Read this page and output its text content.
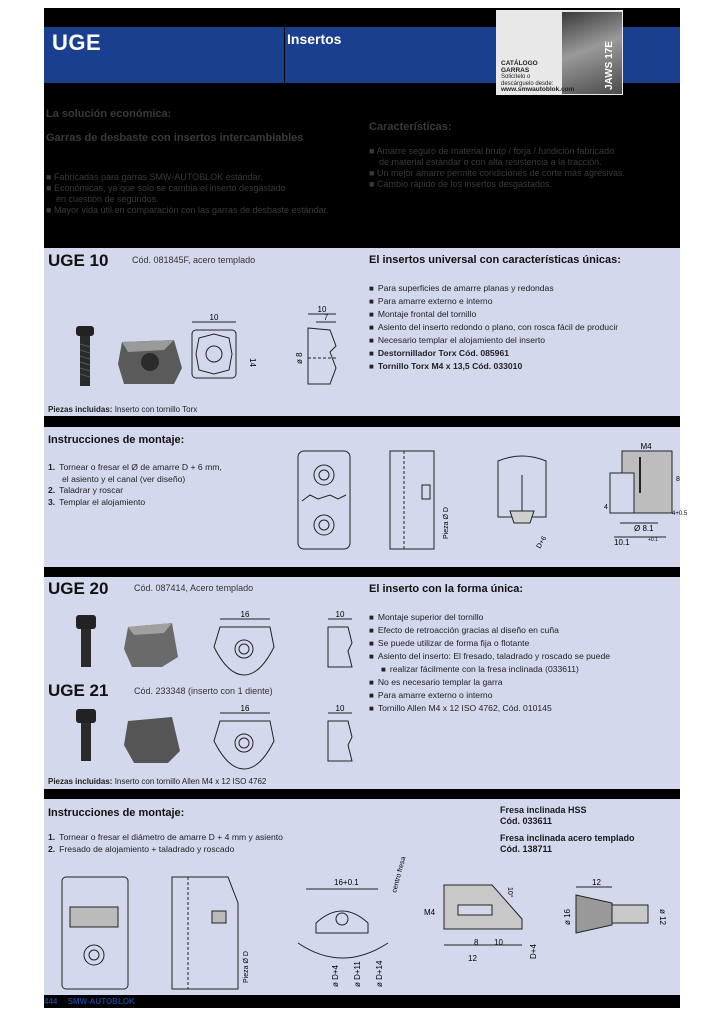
UGE	Insertos
JAWS 17E
CATÁLOGO
GARRAS
Solicítelo o
descárguelo desde:
www.smwautoblok.com
La solución económica:
Garras de desbaste con insertos intercambiables
■ Fabricadas para garras SMW-AUTOBLOK estándar.
■ Económicas, ya que solo se cambia el inserto desgastado
en cuestión de segundos.
■ Mayor vida útil en comparación con las garras de desbaste estándar.
Características:
■ Amarre seguro de material bruto / forja / fundición fabricado
de material estándar o con alta resistencia a la tracción.
■ Un mejor amarre permite condiciones de corte más agresivas.
■ Cambio rápido de los insertos desgastados.
UGE 10	Cód. 081845F, acero templado	El insertos universal con características únicas:
■ Para superficies de amarre planas y redondas
■ Para amarre externo e interno
■ Montaje frontal del tornillo
■ Asiento del inserto redondo o plano, con rosca fácil de producir
■ Necesario templar el alojamiento del inserto
■ Destornillador Torx Cód. 085961
■ Tornillo Torx M4 x 13,5 Cód. 033010
10
14
10
7
ø 8
Piezas incluidas: Inserto con tornillo Torx
Instrucciones de montaje:
1. Tornear o fresar el Ø de amarre D + 6 mm,
el asiento y el canal (ver diseño)
2. Taladrar y roscar
3. Templar el alojamiento
Pieza Ø D
D+6
M4
Ø 8.1
10.1	+0.1
8
4
4+0.5
UGE 20	Cód. 087414, Acero templado	El inserto con la forma única:
■ Montaje superior del tornillo
■ Efecto de retroacción gracias al diseño en cuña
■ Se puede utilizar de forma fija o flotante
■ Asiento del inserto: El fresado, taladrado y roscado se puede
■ realizar fácilmente con la fresa inclinada (033611)
■ No es necesario templar la garra
■ Para amarre externo o interno
■ Tornillo Allen M4 x 12 ISO 4762, Cód. 010145
UGE 21	Cód. 233348 (inserto con 1 diente)
16	10
16	10
Piezas incluidas: Inserto con tornillo Allen M4 x 12 ISO 4762
Instrucciones de montaje:
1. Tornear o fresar el diámetro de amarre D + 4 mm y asiento
2. Fresado de alojamiento + taladrado y roscado
Fresa inclinada HSS
Cód. 033611
Fresa inclinada acero templado
Cód. 138711
Pieza Ø D
16+0.1	centro fresa
ø D+4 ø D+11 ø D+14
M4
10°
8 10
12	D+4
12
ø 16	ø 12
444 SMW-AUTOBLOK
